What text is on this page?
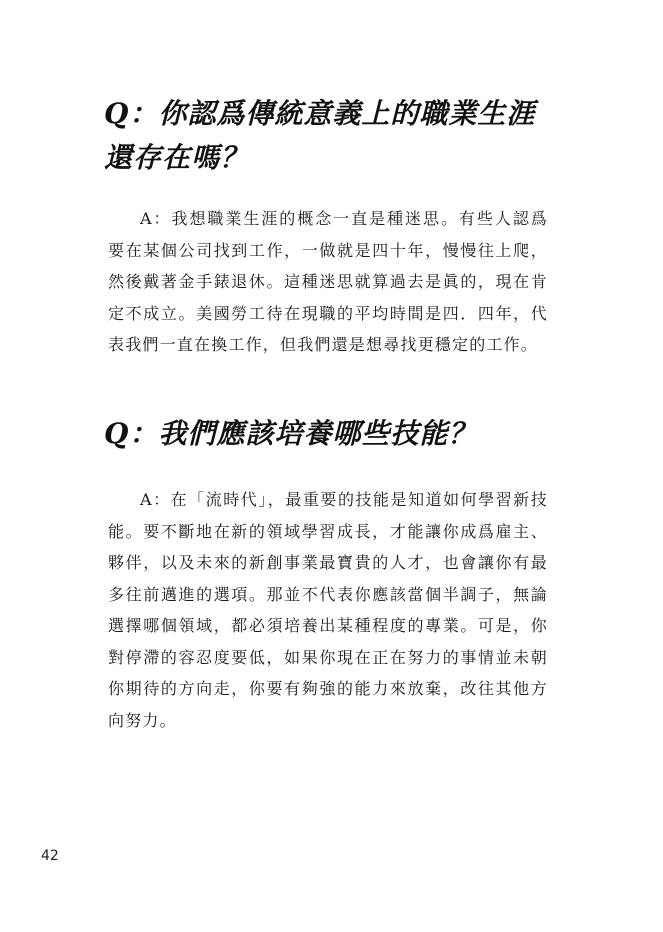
Q：你認爲傳統意義上的職業生涯還存在嗎？

A：我想職業生涯的概念一直是種迷思。有些人認爲要在某個公司找到工作，一做就是四十年，慢慢往上爬，然後戴著金手錶退休。這種迷思就算過去是眞的，現在肯定不成立。美國勞工待在現職的平均時間是四．四年，代表我們一直在換工作，但我們還是想尋找更穩定的工作。

Q：我們應該培養哪些技能？

A：在「流時代」，最重要的技能是知道如何學習新技能。要不斷地在新的領域學習成長，才能讓你成爲雇主、夥伴，以及未來的新創事業最寶貴的人才，也會讓你有最多往前邁進的選項。那並不代表你應該當個半調子，無論選擇哪個領域，都必須培養出某種程度的專業。可是，你對停滯的容忍度要低，如果你現在正在努力的事情並未朝你期待的方向走，你要有夠強的能力來放棄，改往其他方向努力。

42
